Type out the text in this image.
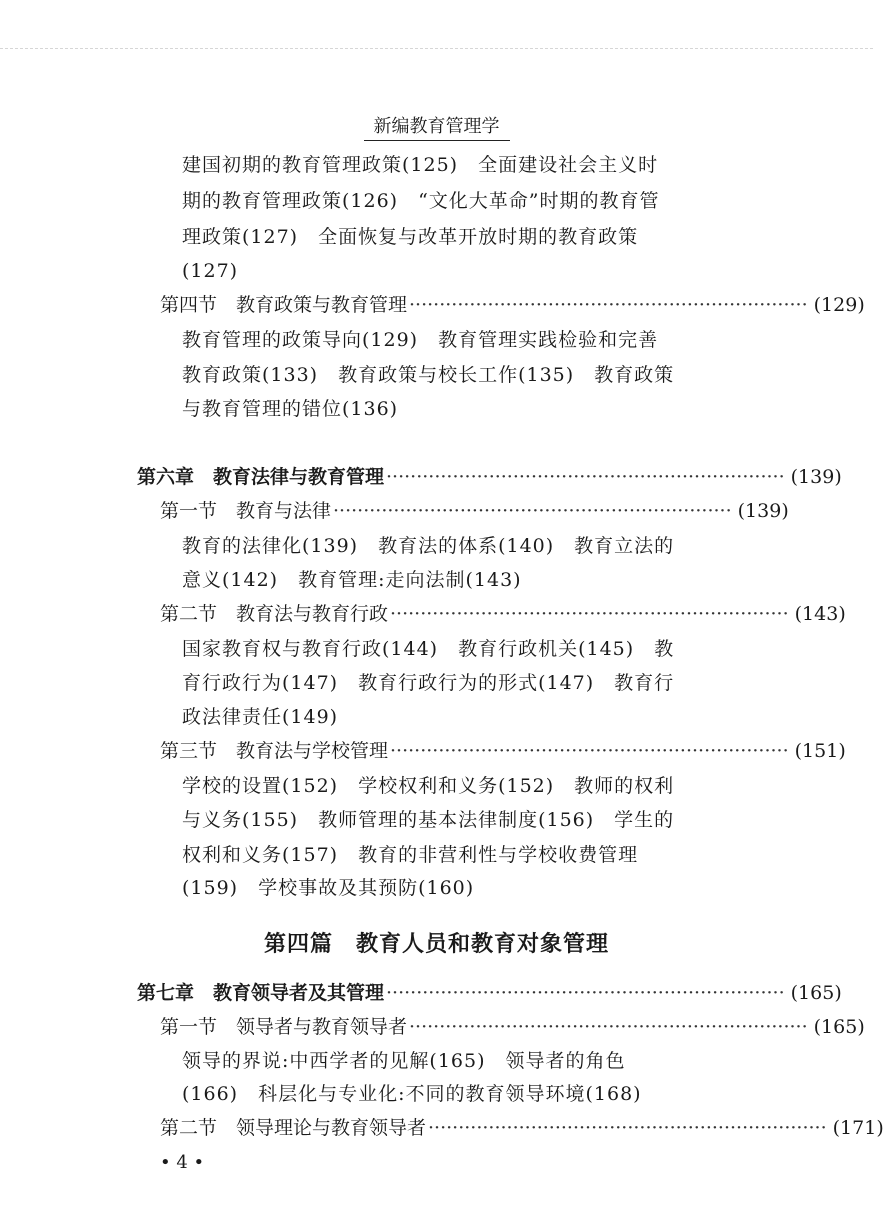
新编教育管理学
建国初期的教育管理政策(125)　全面建设社会主义时
期的教育管理政策(126)　“文化大革命”时期的教育管
理政策(127)　全面恢复与改革开放时期的教育政策
(127)
第四节　教育政策与教育管理 ·································································· (129)
教育管理的政策导向(129)　教育管理实践检验和完善
教育政策(133)　教育政策与校长工作(135)　教育政策
与教育管理的错位(136)
第六章　教育法律与教育管理 ·································································· (139)
第一节　教育与法律 ·································································· (139)
教育的法律化(139)　教育法的体系(140)　教育立法的
意义(142)　教育管理:走向法制(143)
第二节　教育法与教育行政 ·································································· (143)
国家教育权与教育行政(144)　教育行政机关(145)　教
育行政行为(147)　教育行政行为的形式(147)　教育行
政法律责任(149)
第三节　教育法与学校管理 ·································································· (151)
学校的设置(152)　学校权利和义务(152)　教师的权利
与义务(155)　教师管理的基本法律制度(156)　学生的
权利和义务(157)　教育的非营利性与学校收费管理
(159)　学校事故及其预防(160)
第四篇　教育人员和教育对象管理
第七章　教育领导者及其管理 ·································································· (165)
第一节　领导者与教育领导者 ·································································· (165)
领导的界说:中西学者的见解(165)　领导者的角色
(166)　科层化与专业化:不同的教育领导环境(168)
第二节　领导理论与教育领导者 ·································································· (171)
• 4 •
